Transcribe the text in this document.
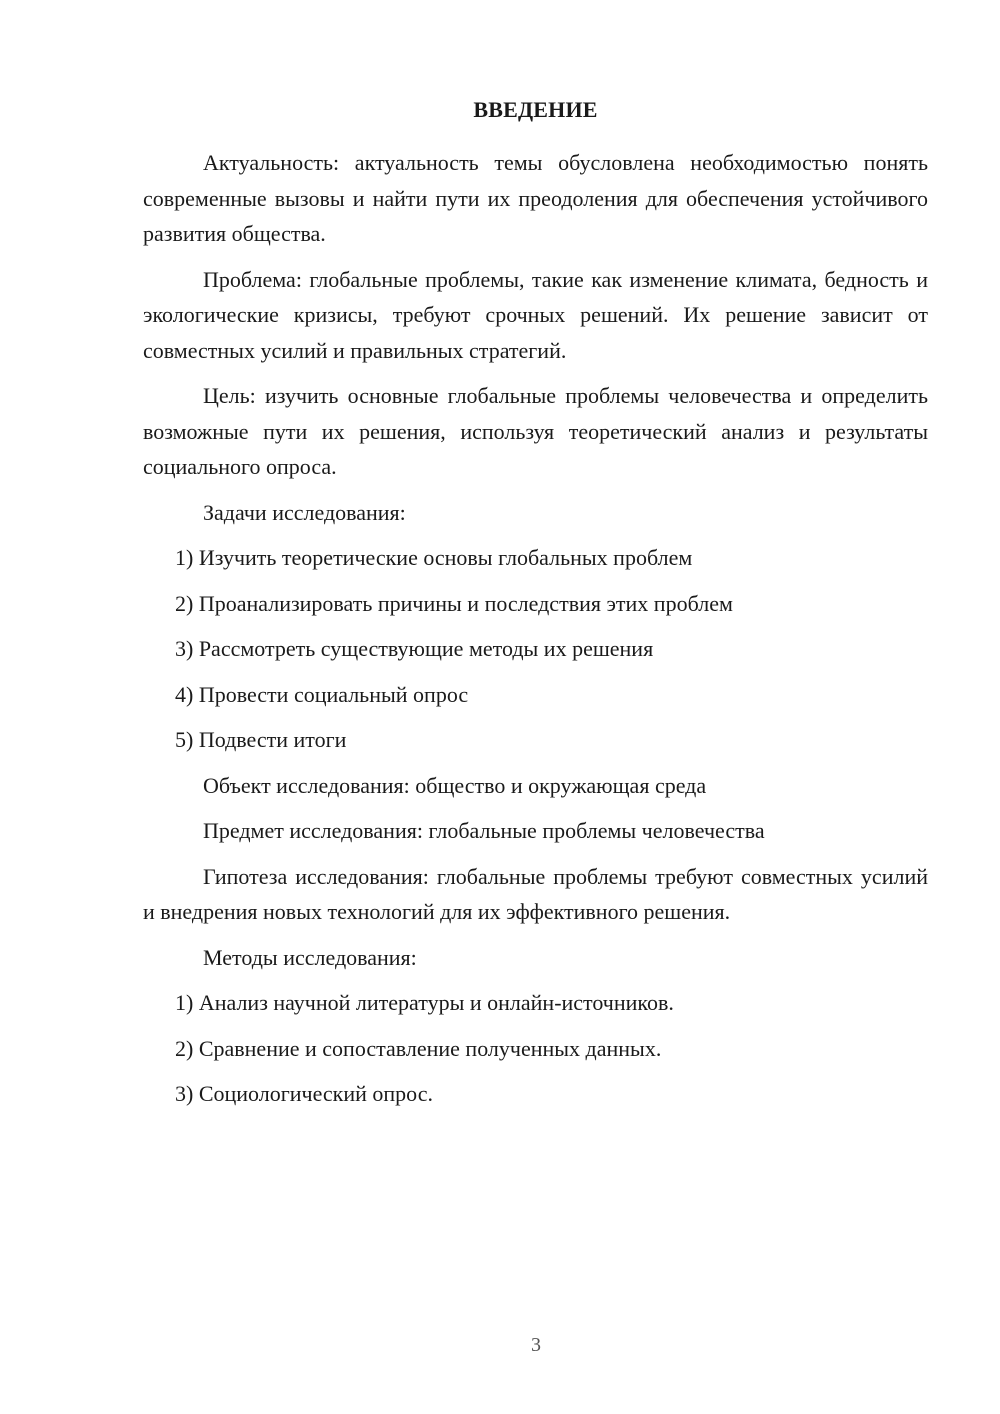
ВВЕДЕНИЕ

Актуальность: актуальность темы обусловлена необходимостью понять современные вызовы и найти пути их преодоления для обеспечения устойчивого развития общества.

Проблема: глобальные проблемы, такие как изменение климата, бедность и экологические кризисы, требуют срочных решений. Их решение зависит от совместных усилий и правильных стратегий.

Цель: изучить основные глобальные проблемы человечества и определить возможные пути их решения, используя теоретический анализ и результаты социального опроса.

Задачи исследования:
1) Изучить теоретические основы глобальных проблем
2) Проанализировать причины и последствия этих проблем
3) Рассмотреть существующие методы их решения
4) Провести социальный опрос
5) Подвести итоги
Объект исследования: общество и окружающая среда
Предмет исследования: глобальные проблемы человечества

Гипотеза исследования: глобальные проблемы требуют совместных усилий и внедрения новых технологий для их эффективного решения.

Методы исследования:
1) Анализ научной литературы и онлайн-источников.
2) Сравнение и сопоставление полученных данных.
3) Социологический опрос.
3
